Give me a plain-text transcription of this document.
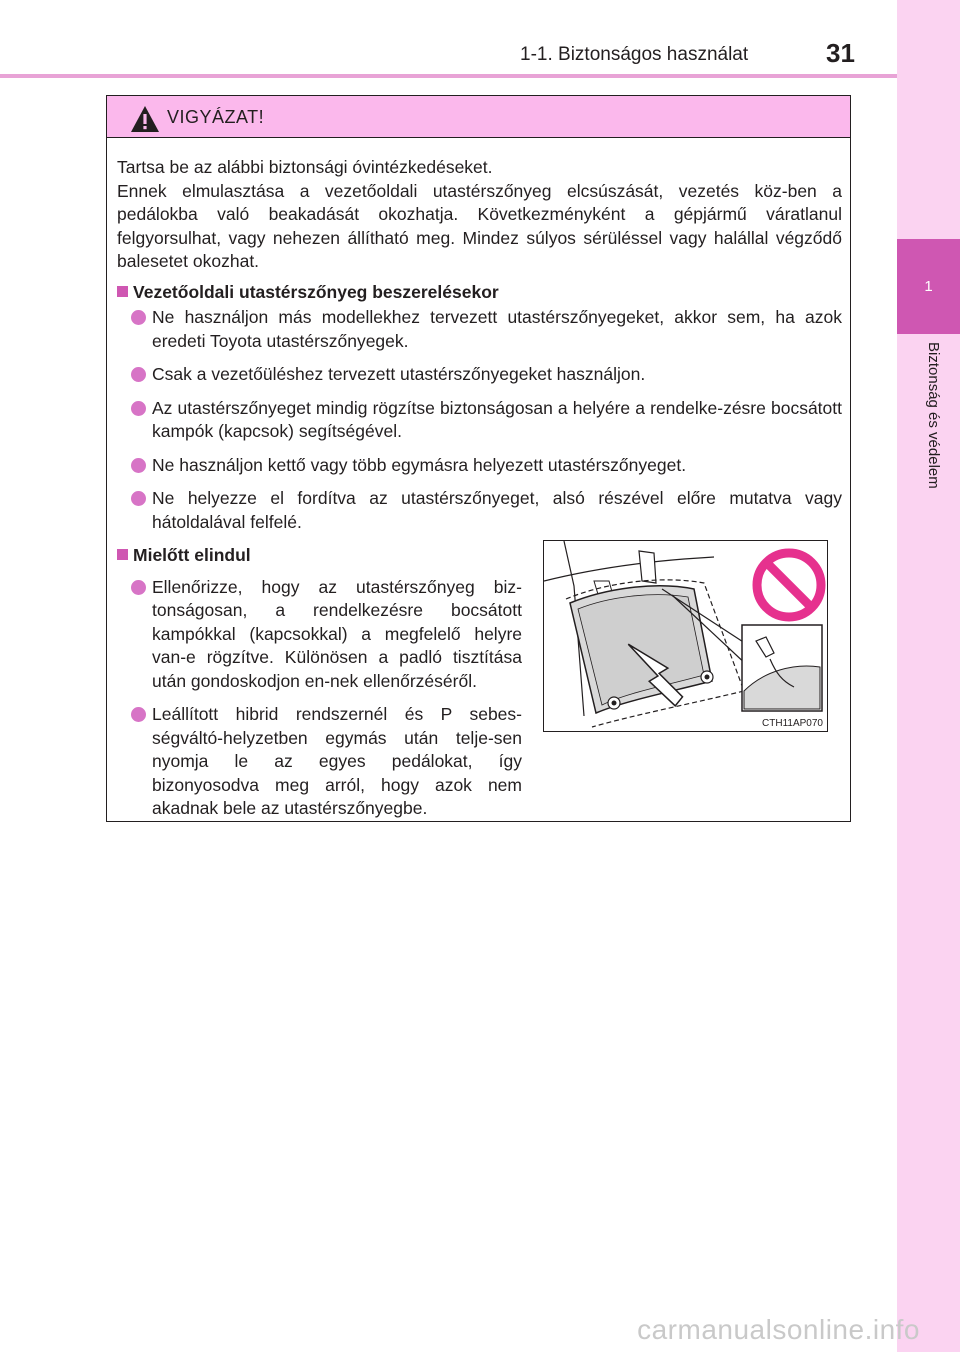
1-1. Biztonságos használat	31
1
Biztonság és védelem
VIGYÁZAT!

Tartsa be az alábbi biztonsági óvintézkedéseket.

Ennek elmulasztása a vezetőoldali utastérszőnyeg elcsúszását, vezetés köz-ben a pedálokba való beakadását okozhatja. Következményként a gépjármű váratlanul felgyorsulhat, vagy nehezen állítható meg. Mindez súlyos sérüléssel vagy halállal végződő balesetet okozhat.

Vezetőoldali utastérszőnyeg beszerelésekor
Ne használjon más modellekhez tervezett utastérszőnyegeket, akkor sem, ha azok eredeti Toyota utastérszőnyegek.
Csak a vezetőüléshez tervezett utastérszőnyegeket használjon.
Az utastérszőnyeget mindig rögzítse biztonságosan a helyére a rendelke-zésre bocsátott kampók (kapcsok) segítségével.
Ne használjon kettő vagy több egymásra helyezett utastérszőnyeget.
Ne helyezze el fordítva az utastérszőnyeget, alsó részével előre mutatva vagy hátoldalával felfelé.
Mielőtt elindul
Ellenőrizze, hogy az utastérszőnyeg biz-tonságosan, a rendelkezésre bocsátott kampókkal (kapcsokkal) a megfelelő helyre van-e rögzítve. Különösen a padló tisztítása után gondoskodjon en-nek ellenőrzéséről.
Leállított hibrid rendszernél és P sebes-ségváltó-helyzetben egymás után telje-sen nyomja le az egyes pedálokat, így bizonyosodva meg arról, hogy azok nem akadnak bele az utastérszőnyegbe.
CTH11AP070
carmanualsonline.info
